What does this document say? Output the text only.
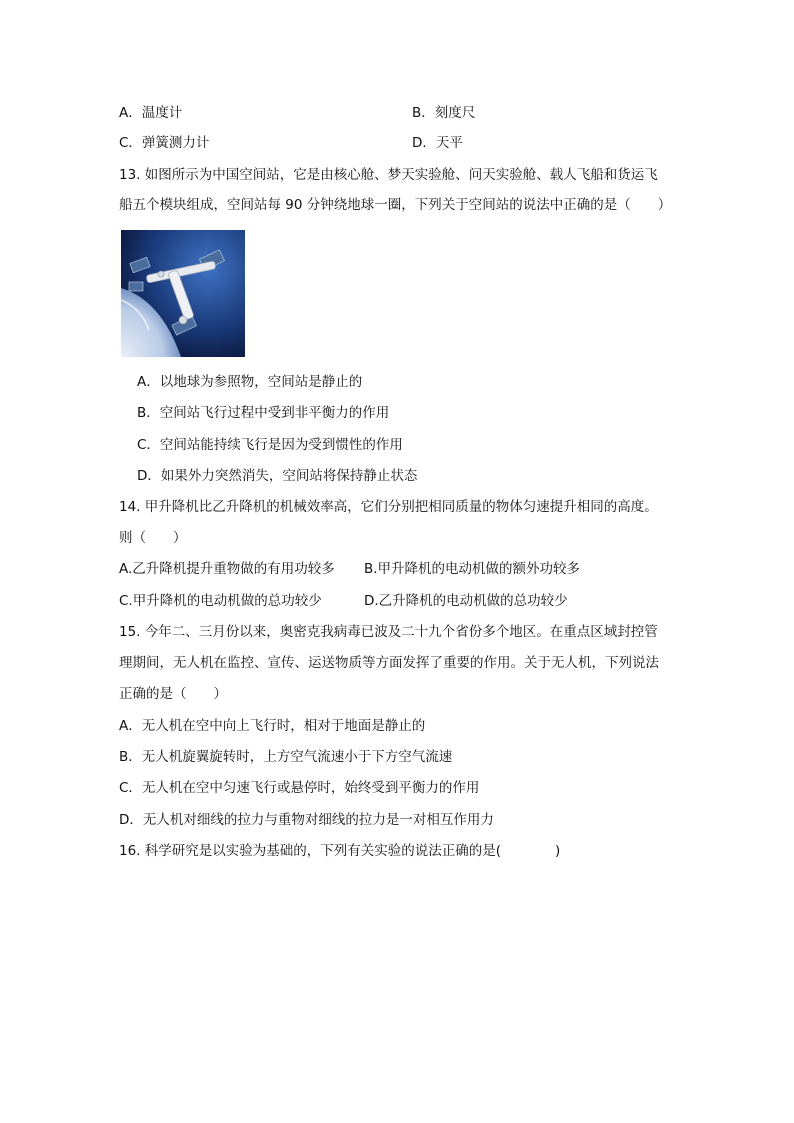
A．温度计	B．刻度尺
C．弹簧测力计	D．天平
13. 如图所示为中国空间站，它是由核心舱、梦天实验舱、问天实验舱、载人飞船和货运飞
船五个模块组成，空间站每 90 分钟绕地球一圈，下列关于空间站的说法中正确的是（　　）
A．以地球为参照物，空间站是静止的
B．空间站飞行过程中受到非平衡力的作用
C．空间站能持续飞行是因为受到惯性的作用
D．如果外力突然消失，空间站将保持静止状态
14. 甲升降机比乙升降机的机械效率高，它们分别把相同质量的物体匀速提升相同的高度。
则（　　）
A.乙升降机提升重物做的有用功较多 B.甲升降机的电动机做的额外功较多
C.甲升降机的电动机做的总功较少	D.乙升降机的电动机做的总功较少
15. 今年二、三月份以来，奥密克我病毒已波及二十九个省份多个地区。在重点区域封控管
理期间，无人机在监控、宣传、运送物质等方面发挥了重要的作用。关于无人机，下列说法
正确的是（　　）
A．无人机在空中向上飞行时，相对于地面是静止的
B．无人机旋翼旋转时，上方空气流速小于下方空气流速
C．无人机在空中匀速飞行或悬停时，始终受到平衡力的作用
D．无人机对细线的拉力与重物对细线的拉力是一对相互作用力
16. 科学研究是以实验为基础的，下列有关实验的说法正确的是(　　　　)
